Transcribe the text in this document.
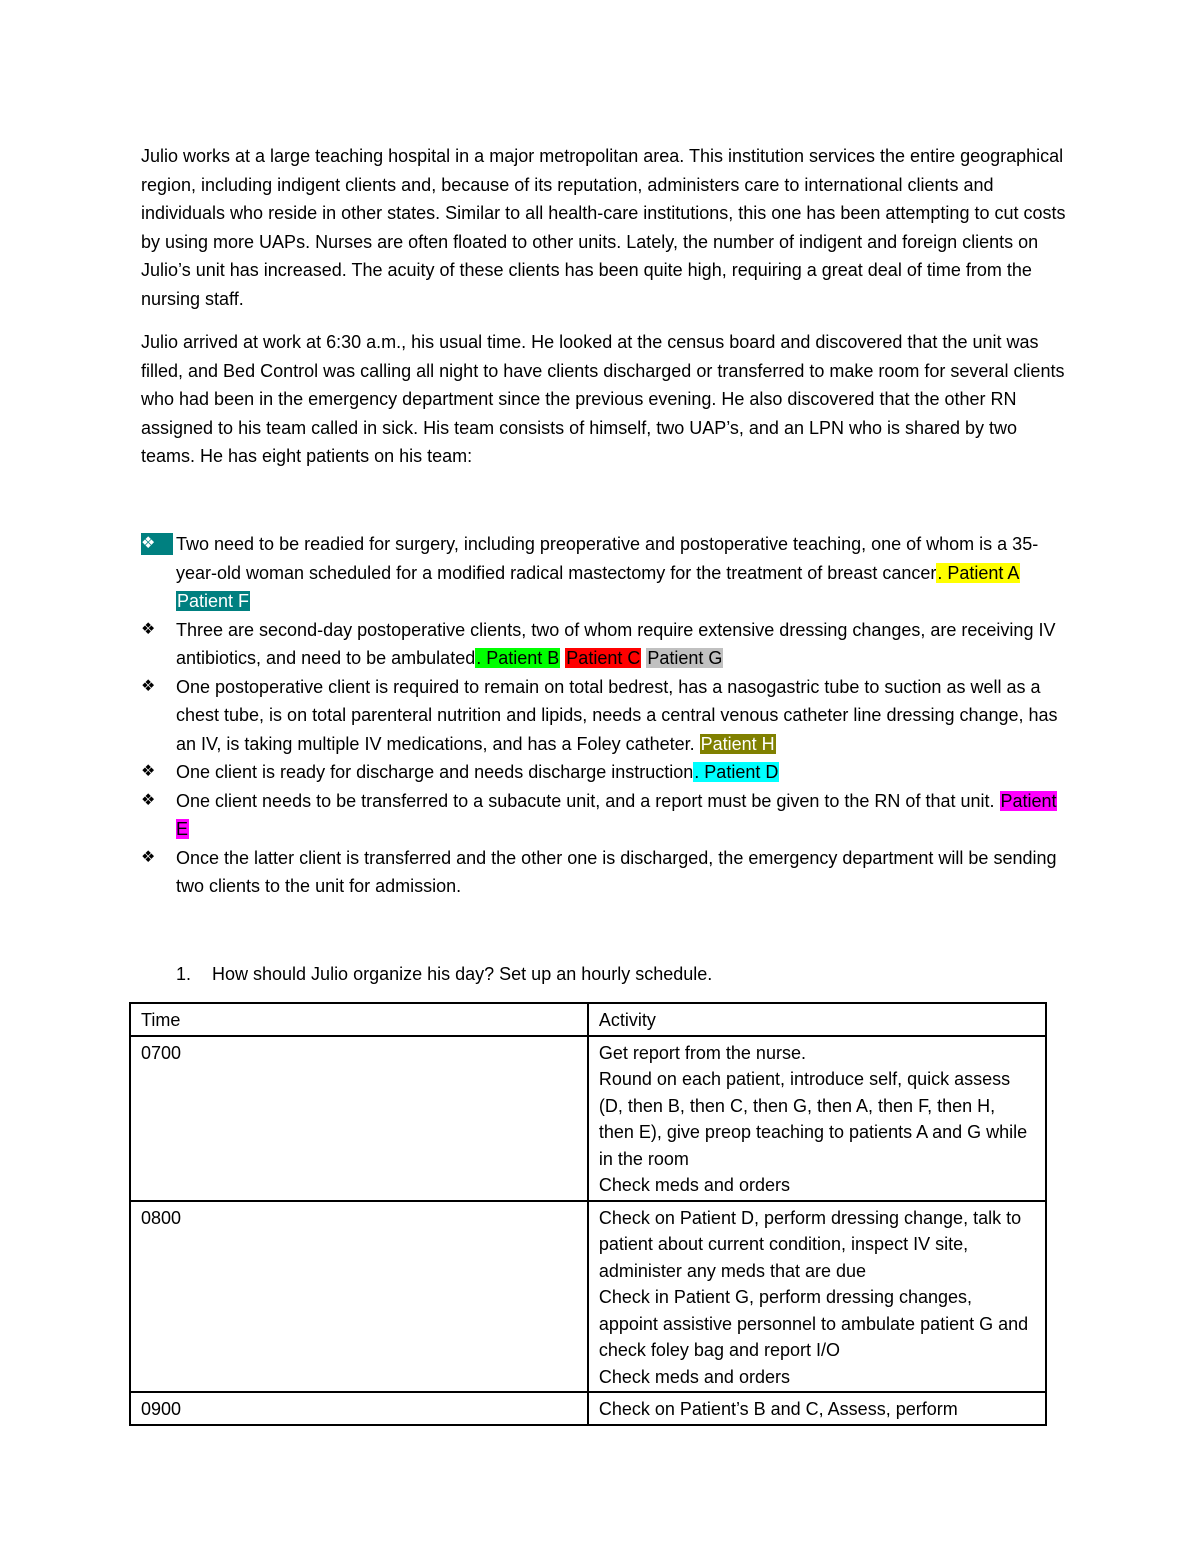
Julio works at a large teaching hospital in a major metropolitan area. This institution services the entire geographical region, including indigent clients and, because of its reputation, administers care to international clients and individuals who reside in other states. Similar to all health-care institutions, this one has been attempting to cut costs by using more UAPs. Nurses are often floated to other units. Lately, the number of indigent and foreign clients on Julio’s unit has increased. The acuity of these clients has been quite high, requiring a great deal of time from the nursing staff.

Julio arrived at work at 6:30 a.m., his usual time. He looked at the census board and discovered that the unit was filled, and Bed Control was calling all night to have clients discharged or transferred to make room for several clients who had been in the emergency department since the previous evening. He also discovered that the other RN assigned to his team called in sick. His team consists of himself, two UAP’s, and an LPN who is shared by two teams. He has eight patients on his team:

❖	Two need to be readied for surgery, including preoperative and postoperative teaching, one of whom is a 35-year-old woman scheduled for a modified radical mastectomy for the treatment of breast cancer. Patient A Patient F
❖	Three are second-day postoperative clients, two of whom require extensive dressing changes, are receiving IV antibiotics, and need to be ambulated. Patient B Patient C Patient G
❖	One postoperative client is required to remain on total bedrest, has a nasogastric tube to suction as well as a chest tube, is on total parenteral nutrition and lipids, needs a central venous catheter line dressing change, has an IV, is taking multiple IV medications, and has a Foley catheter. Patient H
❖	One client is ready for discharge and needs discharge instruction. Patient D
❖	One client needs to be transferred to a subacute unit, and a report must be given to the RN of that unit. Patient E
❖	Once the latter client is transferred and the other one is discharged, the emergency department will be sending two clients to the unit for admission.

1. How should Julio organize his day? Set up an hourly schedule.

Time	Activity
0700	Get report from the nurse.
Round on each patient, introduce self, quick assess (D, then B, then C, then G, then A, then F, then H, then E), give preop teaching to patients A and G while in the room
Check meds and orders

0800	Check on Patient D, perform dressing change, talk to patient about current condition, inspect IV site, administer any meds that are due
Check in Patient G, perform dressing changes, appoint assistive personnel to ambulate patient G and check foley bag and report I/O
Check meds and orders

0900	Check on Patient’s B and C, Assess, perform
